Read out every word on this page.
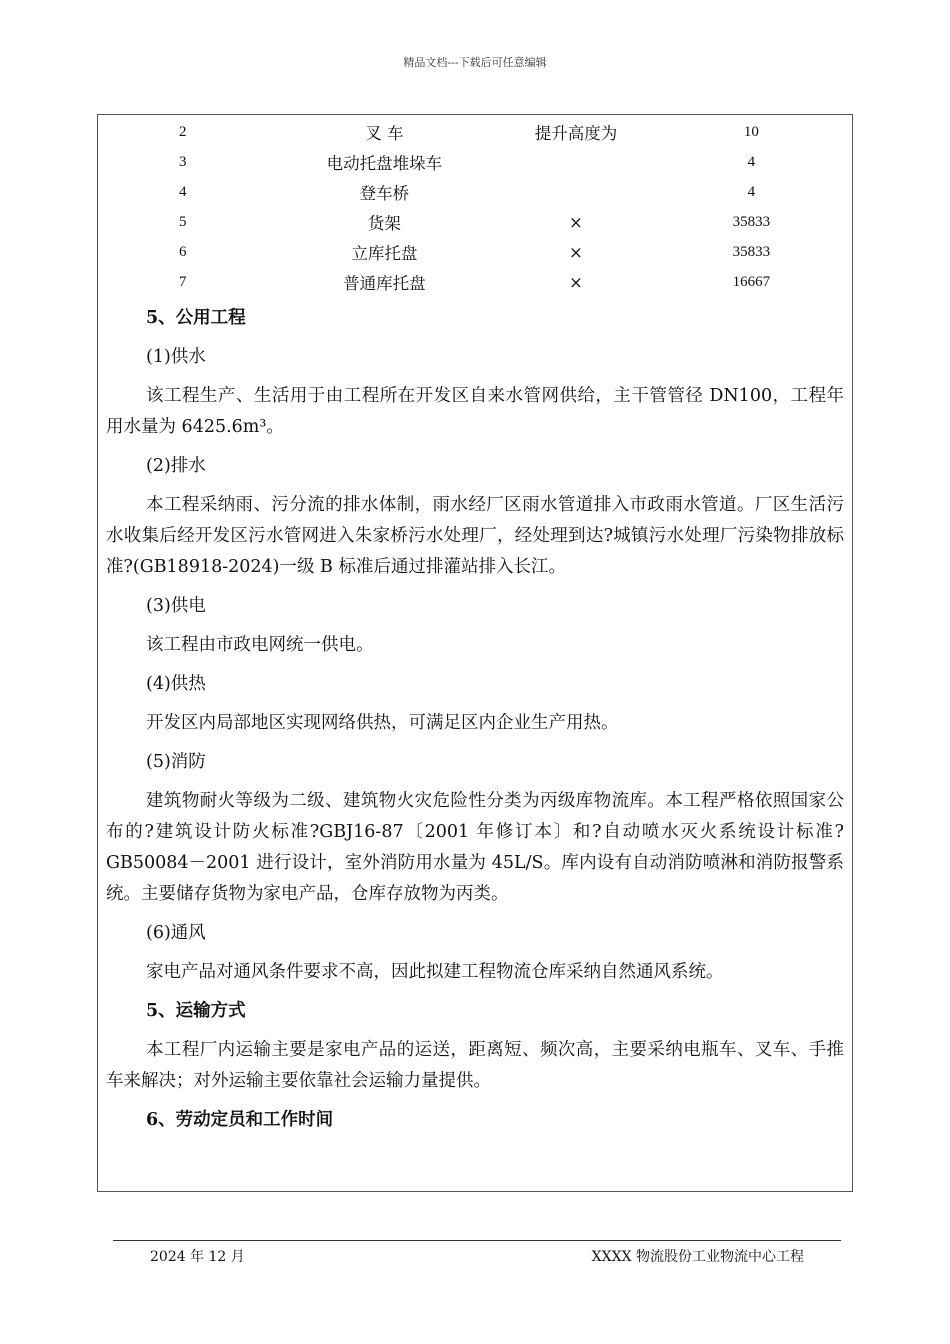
精品文档---下载后可任意编辑
2	叉 车	提升高度为	10
3	电动托盘堆垛车		4
4	登车桥		4
5	货架	×	35833
6	立库托盘	×	35833
7	普通库托盘	×	16667

5、公用工程

(1)供水

该工程生产、生活用于由工程所在开发区自来水管网供给，主干管管径 DN100，工程年用水量为 6425.6m³。

(2)排水

本工程采纳雨、污分流的排水体制，雨水经厂区雨水管道排入市政雨水管道。厂区生活污水收集后经开发区污水管网进入朱家桥污水处理厂，经处理到达?城镇污水处理厂污染物排放标准?(GB18918-2024)一级 B 标准后通过排灌站排入长江。

(3)供电

该工程由市政电网统一供电。

(4)供热

开发区内局部地区实现网络供热，可满足区内企业生产用热。

(5)消防

建筑物耐火等级为二级、建筑物火灾危险性分类为丙级库物流库。本工程严格依照国家公布的?建筑设计防火标准?GBJ16-87〔2001 年修订本〕和?自动喷水灭火系统设计标准?GB50084－2001 进行设计，室外消防用水量为 45L/S。库内设有自动消防喷淋和消防报警系统。主要储存货物为家电产品，仓库存放物为丙类。

(6)通风

家电产品对通风条件要求不高，因此拟建工程物流仓库采纳自然通风系统。

5、运输方式

本工程厂内运输主要是家电产品的运送，距离短、频次高，主要采纳电瓶车、叉车、手推车来解决；对外运输主要依靠社会运输力量提供。

6、劳动定员和工作时间

2024 年 12 月	XXXX 物流股份工业物流中心工程
